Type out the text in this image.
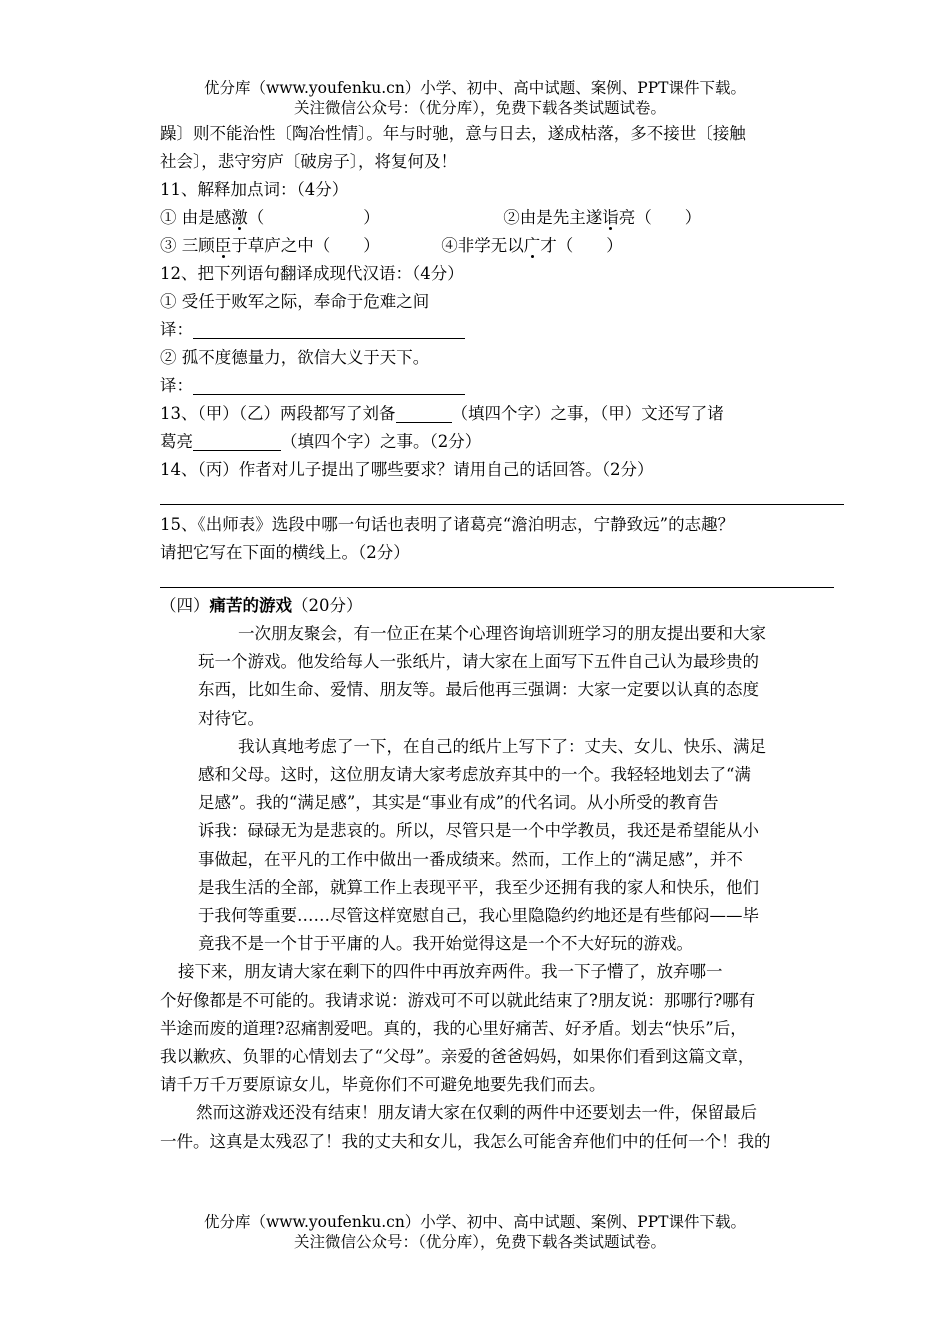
优分库（www.youfenku.cn）小学、初中、高中试题、案例、PPT课件下载。
关注微信公众号：（优分库），免费下载各类试题试卷。
躁〕则不能治性〔陶冶性情〕。年与时驰，意与日去，遂成枯落，多不接世〔接触
社会〕，悲守穷庐〔破房子〕，将复何及！
11、解释加点词：（4分）
① 由是感激（　　　　　　）	②由是先主遂诣亮（　　）
③ 三顾臣于草庐之中（　　）	④非学无以广才（　　）
12、把下列语句翻译成现代汉语：（4分）
① 受任于败军之际，奉命于危难之间
译：
② 孤不度德量力，欲信大义于天下。
译：
13、（甲）（乙）两段都写了刘备	（填四个字）之事，（甲）文还写了诸
葛亮	（填四个字）之事。（2分）
14、（丙）作者对儿子提出了哪些要求？请用自己的话回答。（2分）
15、《出师表》选段中哪一句话也表明了诸葛亮“澹泊明志，宁静致远”的志趣？
请把它写在下面的横线上。（2分）
（四）痛苦的游戏（20分）

一次朋友聚会，有一位正在某个心理咨询培训班学习的朋友提出要和大家

玩一个游戏。他发给每人一张纸片，请大家在上面写下五件自己认为最珍贵的

东西，比如生命、爱情、朋友等。最后他再三强调：大家一定要以认真的态度

对待它。

我认真地考虑了一下，在自己的纸片上写下了：丈夫、女儿、快乐、满足

感和父母。这时，这位朋友请大家考虑放弃其中的一个。我轻轻地划去了“满

足感”。我的“满足感”，其实是“事业有成”的代名词。从小所受的教育告

诉我：碌碌无为是悲哀的。所以，尽管只是一个中学教员，我还是希望能从小

事做起，在平凡的工作中做出一番成绩来。然而，工作上的“满足感”，并不

是我生活的全部，就算工作上表现平平，我至少还拥有我的家人和快乐，他们

于我何等重要……尽管这样宽慰自己，我心里隐隐约约地还是有些郁闷——毕

竟我不是一个甘于平庸的人。我开始觉得这是一个不大好玩的游戏。

接下来，朋友请大家在剩下的四件中再放弃两件。我一下子懵了，放弃哪一

个好像都是不可能的。我请求说：游戏可不可以就此结束了?朋友说：那哪行?哪有

半途而废的道理?忍痛割爱吧。真的，我的心里好痛苦、好矛盾。划去“快乐”后，

我以歉疚、负罪的心情划去了“父母”。亲爱的爸爸妈妈，如果你们看到这篇文章，

请千万千万要原谅女儿，毕竟你们不可避免地要先我们而去。

然而这游戏还没有结束！朋友请大家在仅剩的两件中还要划去一件，保留最后

一件。这真是太残忍了！我的丈夫和女儿，我怎么可能舍弃他们中的任何一个！我的

优分库（www.youfenku.cn）小学、初中、高中试题、案例、PPT课件下载。
关注微信公众号：（优分库），免费下载各类试题试卷。
